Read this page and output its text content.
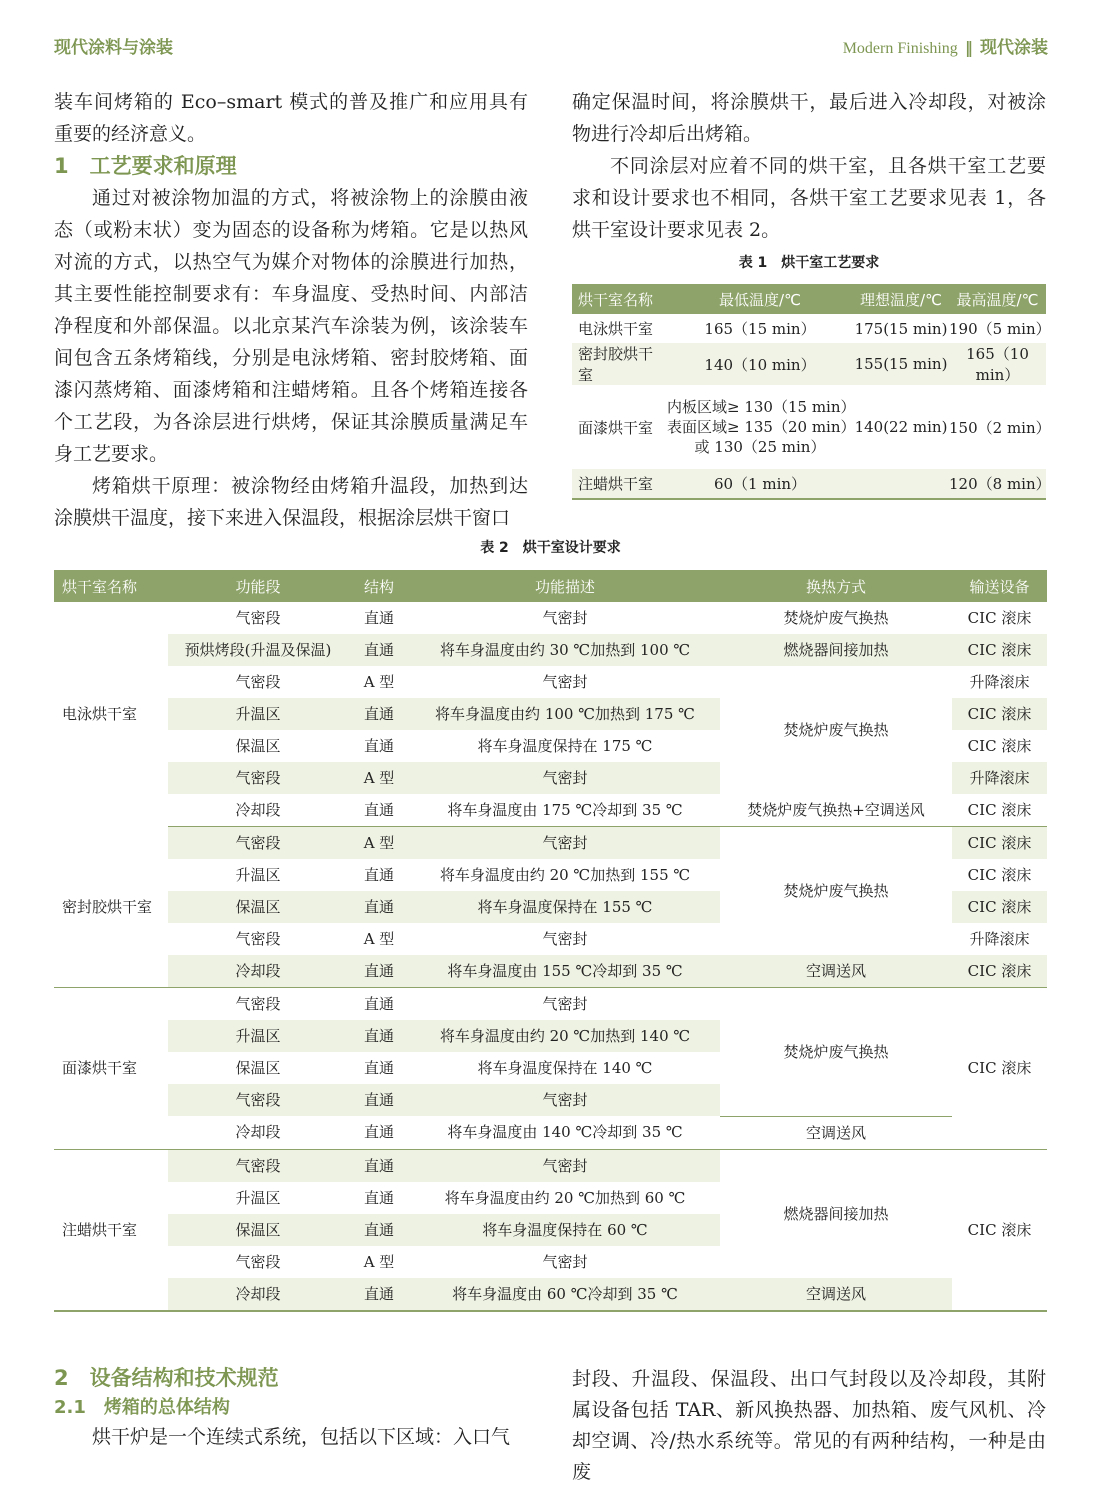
现代涂料与涂装	Modern Finishing ‖ 现代涂装

装车间烤箱的 Eco–smart 模式的普及推广和应用具有重要的经济意义。

1　工艺要求和原理

通过对被涂物加温的方式，将被涂物上的涂膜由液态（或粉末状）变为固态的设备称为烤箱。它是以热风对流的方式，以热空气为媒介对物体的涂膜进行加热，其主要性能控制要求有：车身温度、受热时间、内部洁净程度和外部保温。以北京某汽车涂装为例，该涂装车间包含五条烤箱线，分别是电泳烤箱、密封胶烤箱、面漆闪蒸烤箱、面漆烤箱和注蜡烤箱。且各个烤箱连接各个工艺段，为各涂层进行烘烤，保证其涂膜质量满足车身工艺要求。

烤箱烘干原理：被涂物经由烤箱升温段，加热到达涂膜烘干温度，接下来进入保温段，根据涂层烘干窗口

确定保温时间，将涂膜烘干，最后进入冷却段，对被涂物进行冷却后出烤箱。

不同涂层对应着不同的烘干室，且各烘干室工艺要求和设计要求也不相同，各烘干室工艺要求见表 1，各烘干室设计要求见表 2。

表 1　烘干室工艺要求
烘干室名称	最低温度/℃	理想温度/℃	最高温度/℃
电泳烘干室	165（15 min）	175(15 min)	190（5 min）
密封胶烘干室	140（10 min）	155(15 min)	165（10 min）
面漆烘干室	内板区域≥ 130（15 min）
表面区域≥ 135（20 min）
或 130（25 min）	140(22 min)	150（2 min）
注蜡烘干室	60（1 min）		120（8 min）
表 2　烘干室设计要求
烘干室名称	功能段	结构	功能描述	换热方式	输送设备
电泳烘干室	气密段	直通	气密封	焚烧炉废气换热	CIC 滚床
	预烘烤段(升温及保温)	直通	将车身温度由约 30 ℃加热到 100 ℃	燃烧器间接加热	CIC 滚床
	气密段	A 型	气密封	焚烧炉废气换热	升降滚床
	升温区	直通	将车身温度由约 100 ℃加热到 175 ℃		CIC 滚床
	保温区	直通	将车身温度保持在 175 ℃		CIC 滚床
	气密段	A 型	气密封		升降滚床
	冷却段	直通	将车身温度由 175 ℃冷却到 35 ℃	焚烧炉废气换热+空调送风	CIC 滚床
密封胶烘干室	气密段	A 型	气密封	焚烧炉废气换热	CIC 滚床
	升温区	直通	将车身温度由约 20 ℃加热到 155 ℃		CIC 滚床
	保温区	直通	将车身温度保持在 155 ℃		CIC 滚床
	气密段	A 型	气密封		升降滚床
	冷却段	直通	将车身温度由 155 ℃冷却到 35 ℃	空调送风	CIC 滚床
面漆烘干室	气密段	直通	气密封	焚烧炉废气换热	CIC 滚床
	升温区	直通	将车身温度由约 20 ℃加热到 140 ℃		
	保温区	直通	将车身温度保持在 140 ℃		
	气密段	直通	气密封		
	冷却段	直通	将车身温度由 140 ℃冷却到 35 ℃	空调送风	
注蜡烘干室	气密段	直通	气密封	燃烧器间接加热	CIC 滚床
	升温区	直通	将车身温度由约 20 ℃加热到 60 ℃		
	保温区	直通	将车身温度保持在 60 ℃		
	气密段	A 型	气密封		
	冷却段	直通	将车身温度由 60 ℃冷却到 35 ℃	空调送风	
2　设备结构和技术规范
2.1　烤箱的总体结构

烘干炉是一个连续式系统，包括以下区域：入口气

封段、升温段、保温段、出口气封段以及冷却段，其附属设备包括 TAR、新风换热器、加热箱、废气风机、冷却空调、冷/热水系统等。常见的有两种结构，一种是由废
